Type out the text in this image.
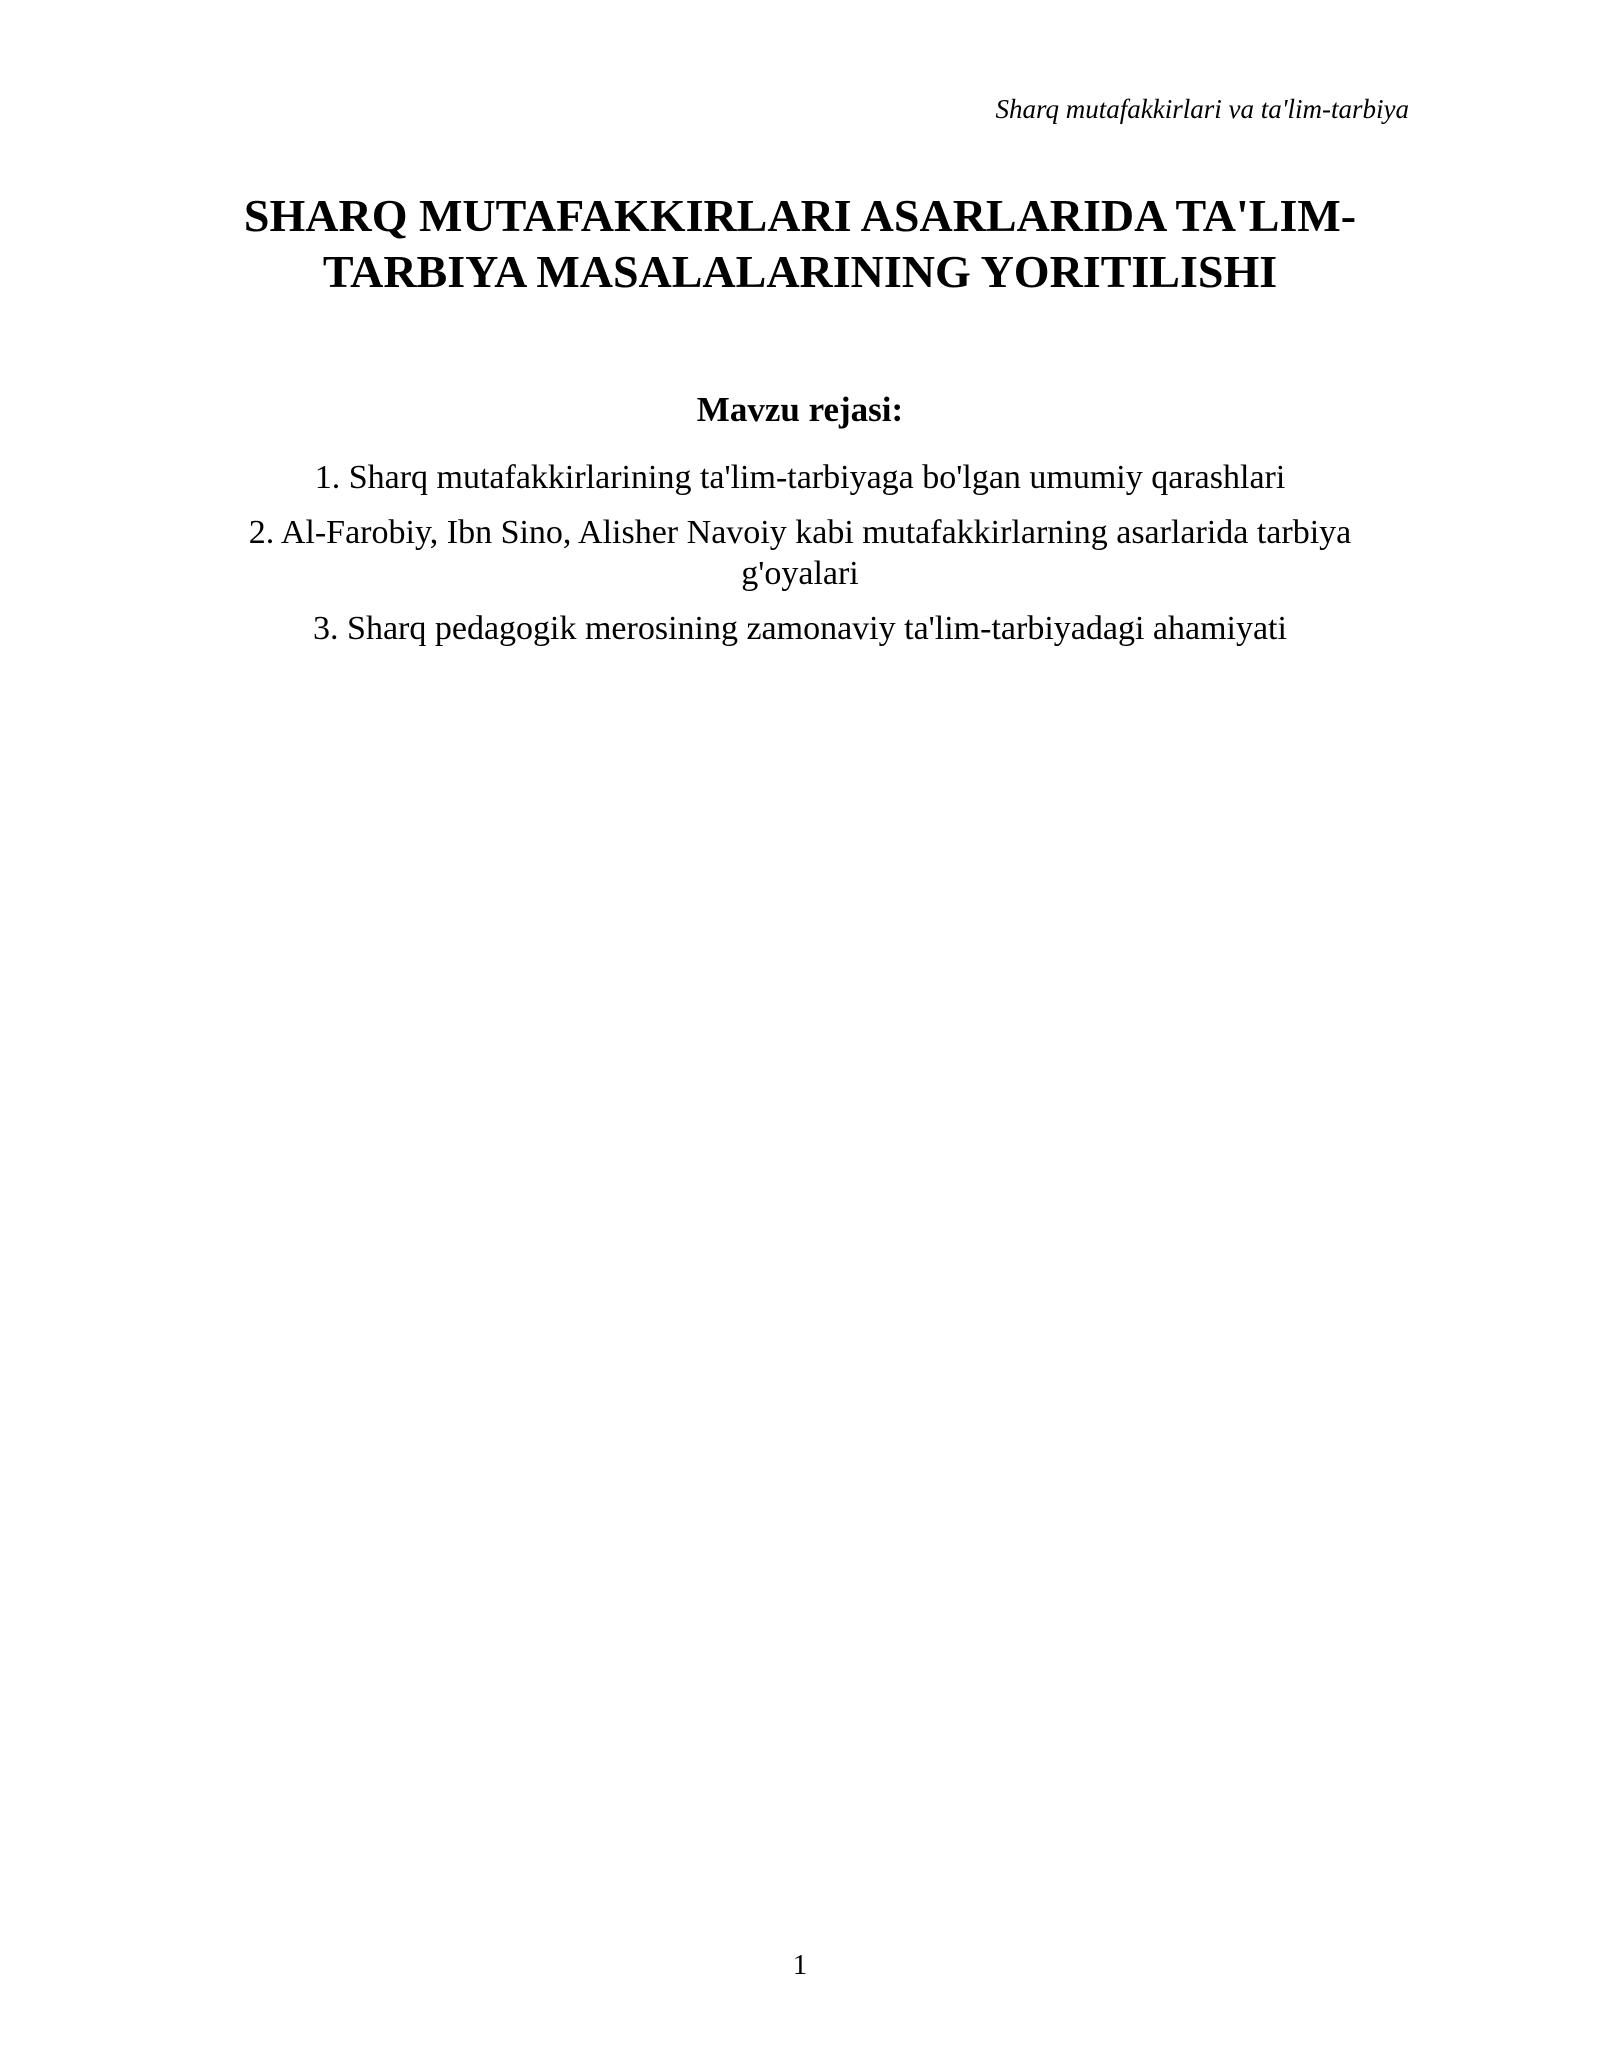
Sharq mutafakkirlari va ta'lim-tarbiya
SHARQ MUTAFAKKIRLARI ASARLARIDA TA'LIM-
TARBIYA MASALALARINING YORITILISHI
Mavzu rejasi:
1. Sharq mutafakkirlarining ta'lim-tarbiyaga bo'lgan umumiy qarashlari
2. Al-Farobiy, Ibn Sino, Alisher Navoiy kabi mutafakkirlarning asarlarida tarbiya
g'oyalari
3. Sharq pedagogik merosining zamonaviy ta'lim-tarbiyadagi ahamiyati
1
